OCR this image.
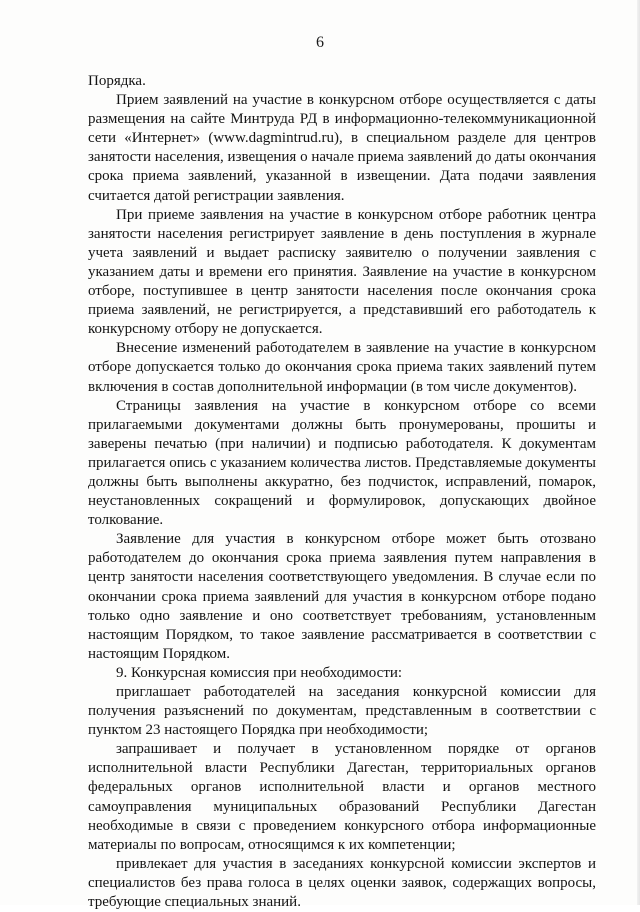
6

Порядка.

Прием заявлений на участие в конкурсном отборе осуществляется с даты размещения на сайте Минтруда РД в информационно-телекоммуникационной сети «Интернет» (www.dagmintrud.ru), в специальном разделе для центров занятости населения, извещения о начале приема заявлений до даты окончания срока приема заявлений, указанной в извещении. Дата подачи заявления считается датой регистрации заявления.

При приеме заявления на участие в конкурсном отборе работник центра занятости населения регистрирует заявление в день поступления в журнале учета заявлений и выдает расписку заявителю о получении заявления с указанием даты и времени его принятия. Заявление на участие в конкурсном отборе, поступившее в центр занятости населения после окончания срока приема заявлений, не регистрируется, а представивший его работодатель к конкурсному отбору не допускается.

Внесение изменений работодателем в заявление на участие в конкурсном отборе допускается только до окончания срока приема таких заявлений путем включения в состав дополнительной информации (в том числе документов).

Страницы заявления на участие в конкурсном отборе со всеми прилагаемыми документами должны быть пронумерованы, прошиты и заверены печатью (при наличии) и подписью работодателя. К документам прилагается опись с указанием количества листов. Представляемые документы должны быть выполнены аккуратно, без подчисток, исправлений, помарок, неустановленных сокращений и формулировок, допускающих двойное толкование.

Заявление для участия в конкурсном отборе может быть отозвано работодателем до окончания срока приема заявления путем направления в центр занятости населения соответствующего уведомления. В случае если по окончании срока приема заявлений для участия в конкурсном отборе подано только одно заявление и оно соответствует требованиям, установленным настоящим Порядком, то такое заявление рассматривается в соответствии с настоящим Порядком.

9. Конкурсная комиссия при необходимости:

приглашает работодателей на заседания конкурсной комиссии для получения разъяснений по документам, представленным в соответствии с пунктом 23 настоящего Порядка при необходимости;

запрашивает и получает в установленном порядке от органов исполнительной власти Республики Дагестан, территориальных органов федеральных органов исполнительной власти и органов местного самоуправления муниципальных образований Республики Дагестан необходимые в связи с проведением конкурсного отбора информационные материалы по вопросам, относящимся к их компетенции;

привлекает для участия в заседаниях конкурсной комиссии экспертов и специалистов без права голоса в целях оценки заявок, содержащих вопросы, требующие специальных знаний.
